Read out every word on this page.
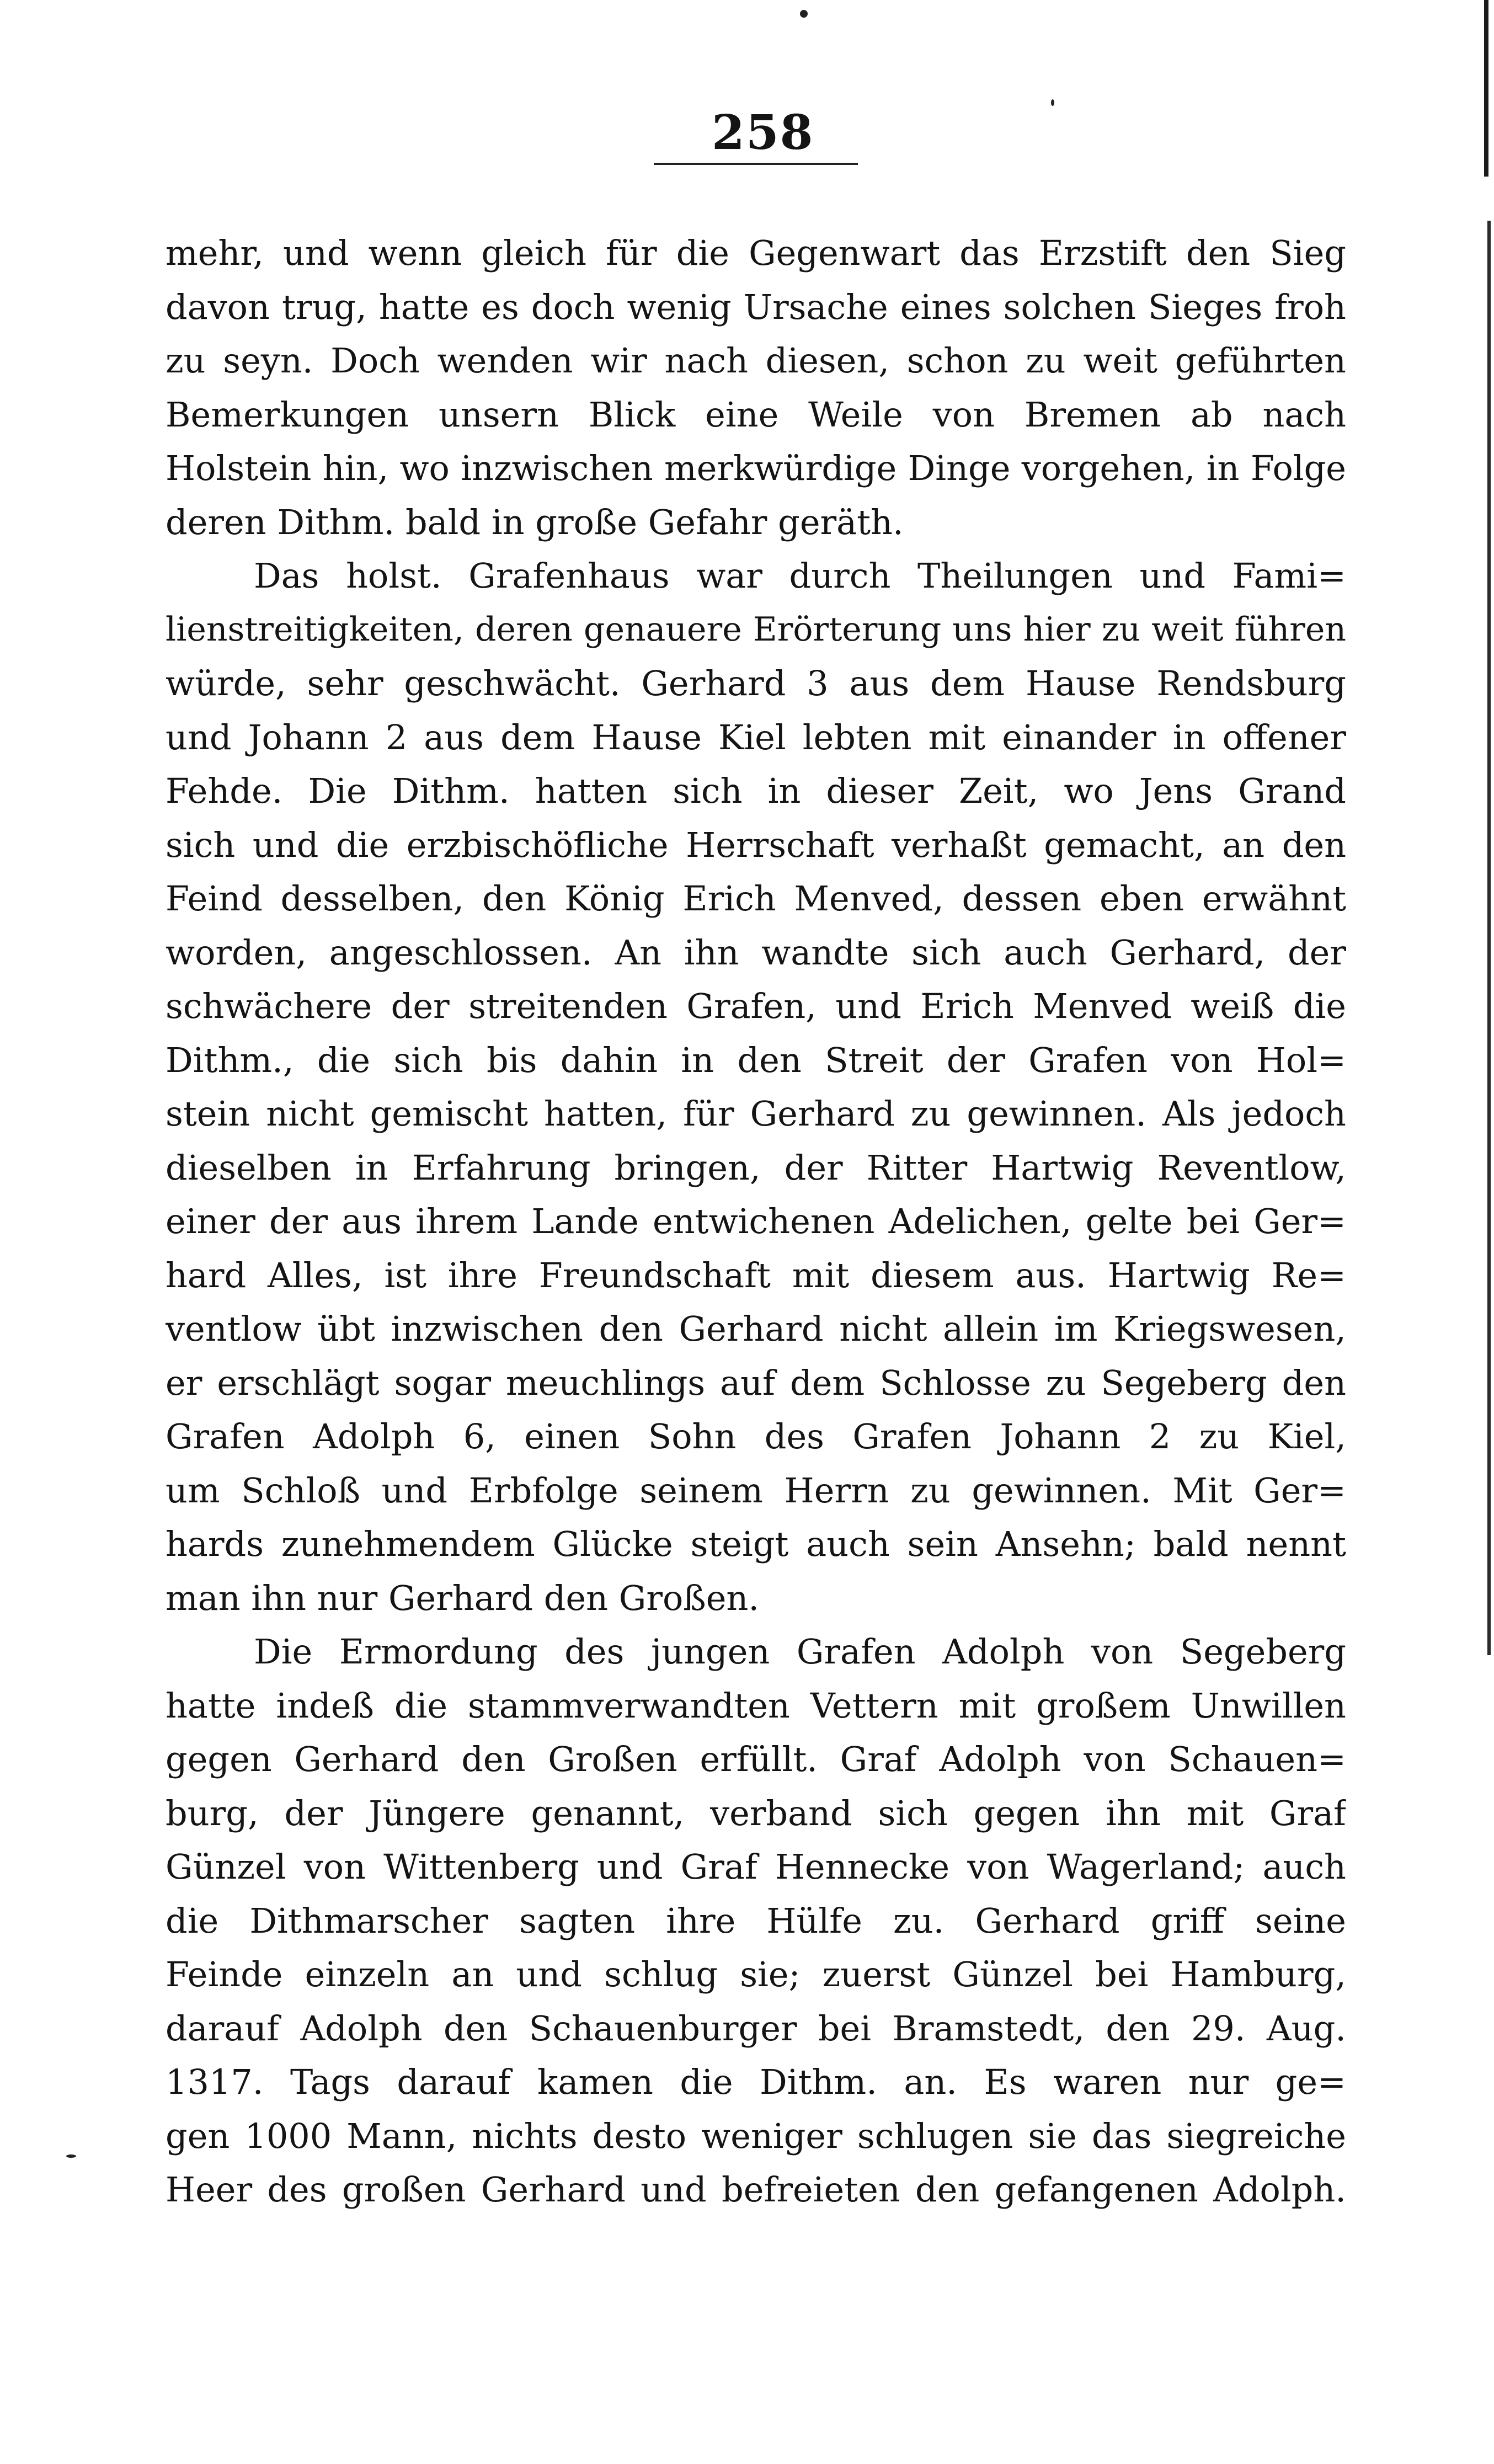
258
mehr, und wenn gleich für die Gegenwart das Erzstift den Sieg
davon trug, hatte es doch wenig Ursache eines solchen Sieges froh
zu seyn. Doch wenden wir nach diesen, schon zu weit geführten
Bemerkungen unsern Blick eine Weile von Bremen ab nach
Holstein hin, wo inzwischen merkwürdige Dinge vorgehen, in Folge
deren Dithm. bald in große Gefahr geräth.
Das holst. Grafenhaus war durch Theilungen und Fami=
lienstreitigkeiten, deren genauere Erörterung uns hier zu weit führen
würde, sehr geschwächt. Gerhard 3 aus dem Hause Rendsburg
und Johann 2 aus dem Hause Kiel lebten mit einander in offener
Fehde. Die Dithm. hatten sich in dieser Zeit, wo Jens Grand
sich und die erzbischöfliche Herrschaft verhaßt gemacht, an den
Feind desselben, den König Erich Menved, dessen eben erwähnt
worden, angeschlossen. An ihn wandte sich auch Gerhard, der
schwächere der streitenden Grafen, und Erich Menved weiß die
Dithm., die sich bis dahin in den Streit der Grafen von Hol=
stein nicht gemischt hatten, für Gerhard zu gewinnen. Als jedoch
dieselben in Erfahrung bringen, der Ritter Hartwig Reventlow,
einer der aus ihrem Lande entwichenen Adelichen, gelte bei Ger=
hard Alles, ist ihre Freundschaft mit diesem aus. Hartwig Re=
ventlow übt inzwischen den Gerhard nicht allein im Kriegswesen,
er erschlägt sogar meuchlings auf dem Schlosse zu Segeberg den
Grafen Adolph 6, einen Sohn des Grafen Johann 2 zu Kiel,
um Schloß und Erbfolge seinem Herrn zu gewinnen. Mit Ger=
hards zunehmendem Glücke steigt auch sein Ansehn; bald nennt
man ihn nur Gerhard den Großen.
Die Ermordung des jungen Grafen Adolph von Segeberg
hatte indeß die stammverwandten Vettern mit großem Unwillen
gegen Gerhard den Großen erfüllt. Graf Adolph von Schauen=
burg, der Jüngere genannt, verband sich gegen ihn mit Graf
Günzel von Wittenberg und Graf Hennecke von Wagerland; auch
die Dithmarscher sagten ihre Hülfe zu. Gerhard griff seine
Feinde einzeln an und schlug sie; zuerst Günzel bei Hamburg,
darauf Adolph den Schauenburger bei Bramstedt, den 29. Aug.
1317. Tags darauf kamen die Dithm. an. Es waren nur ge=
gen 1000 Mann, nichts desto weniger schlugen sie das siegreiche
Heer des großen Gerhard und befreieten den gefangenen Adolph.
